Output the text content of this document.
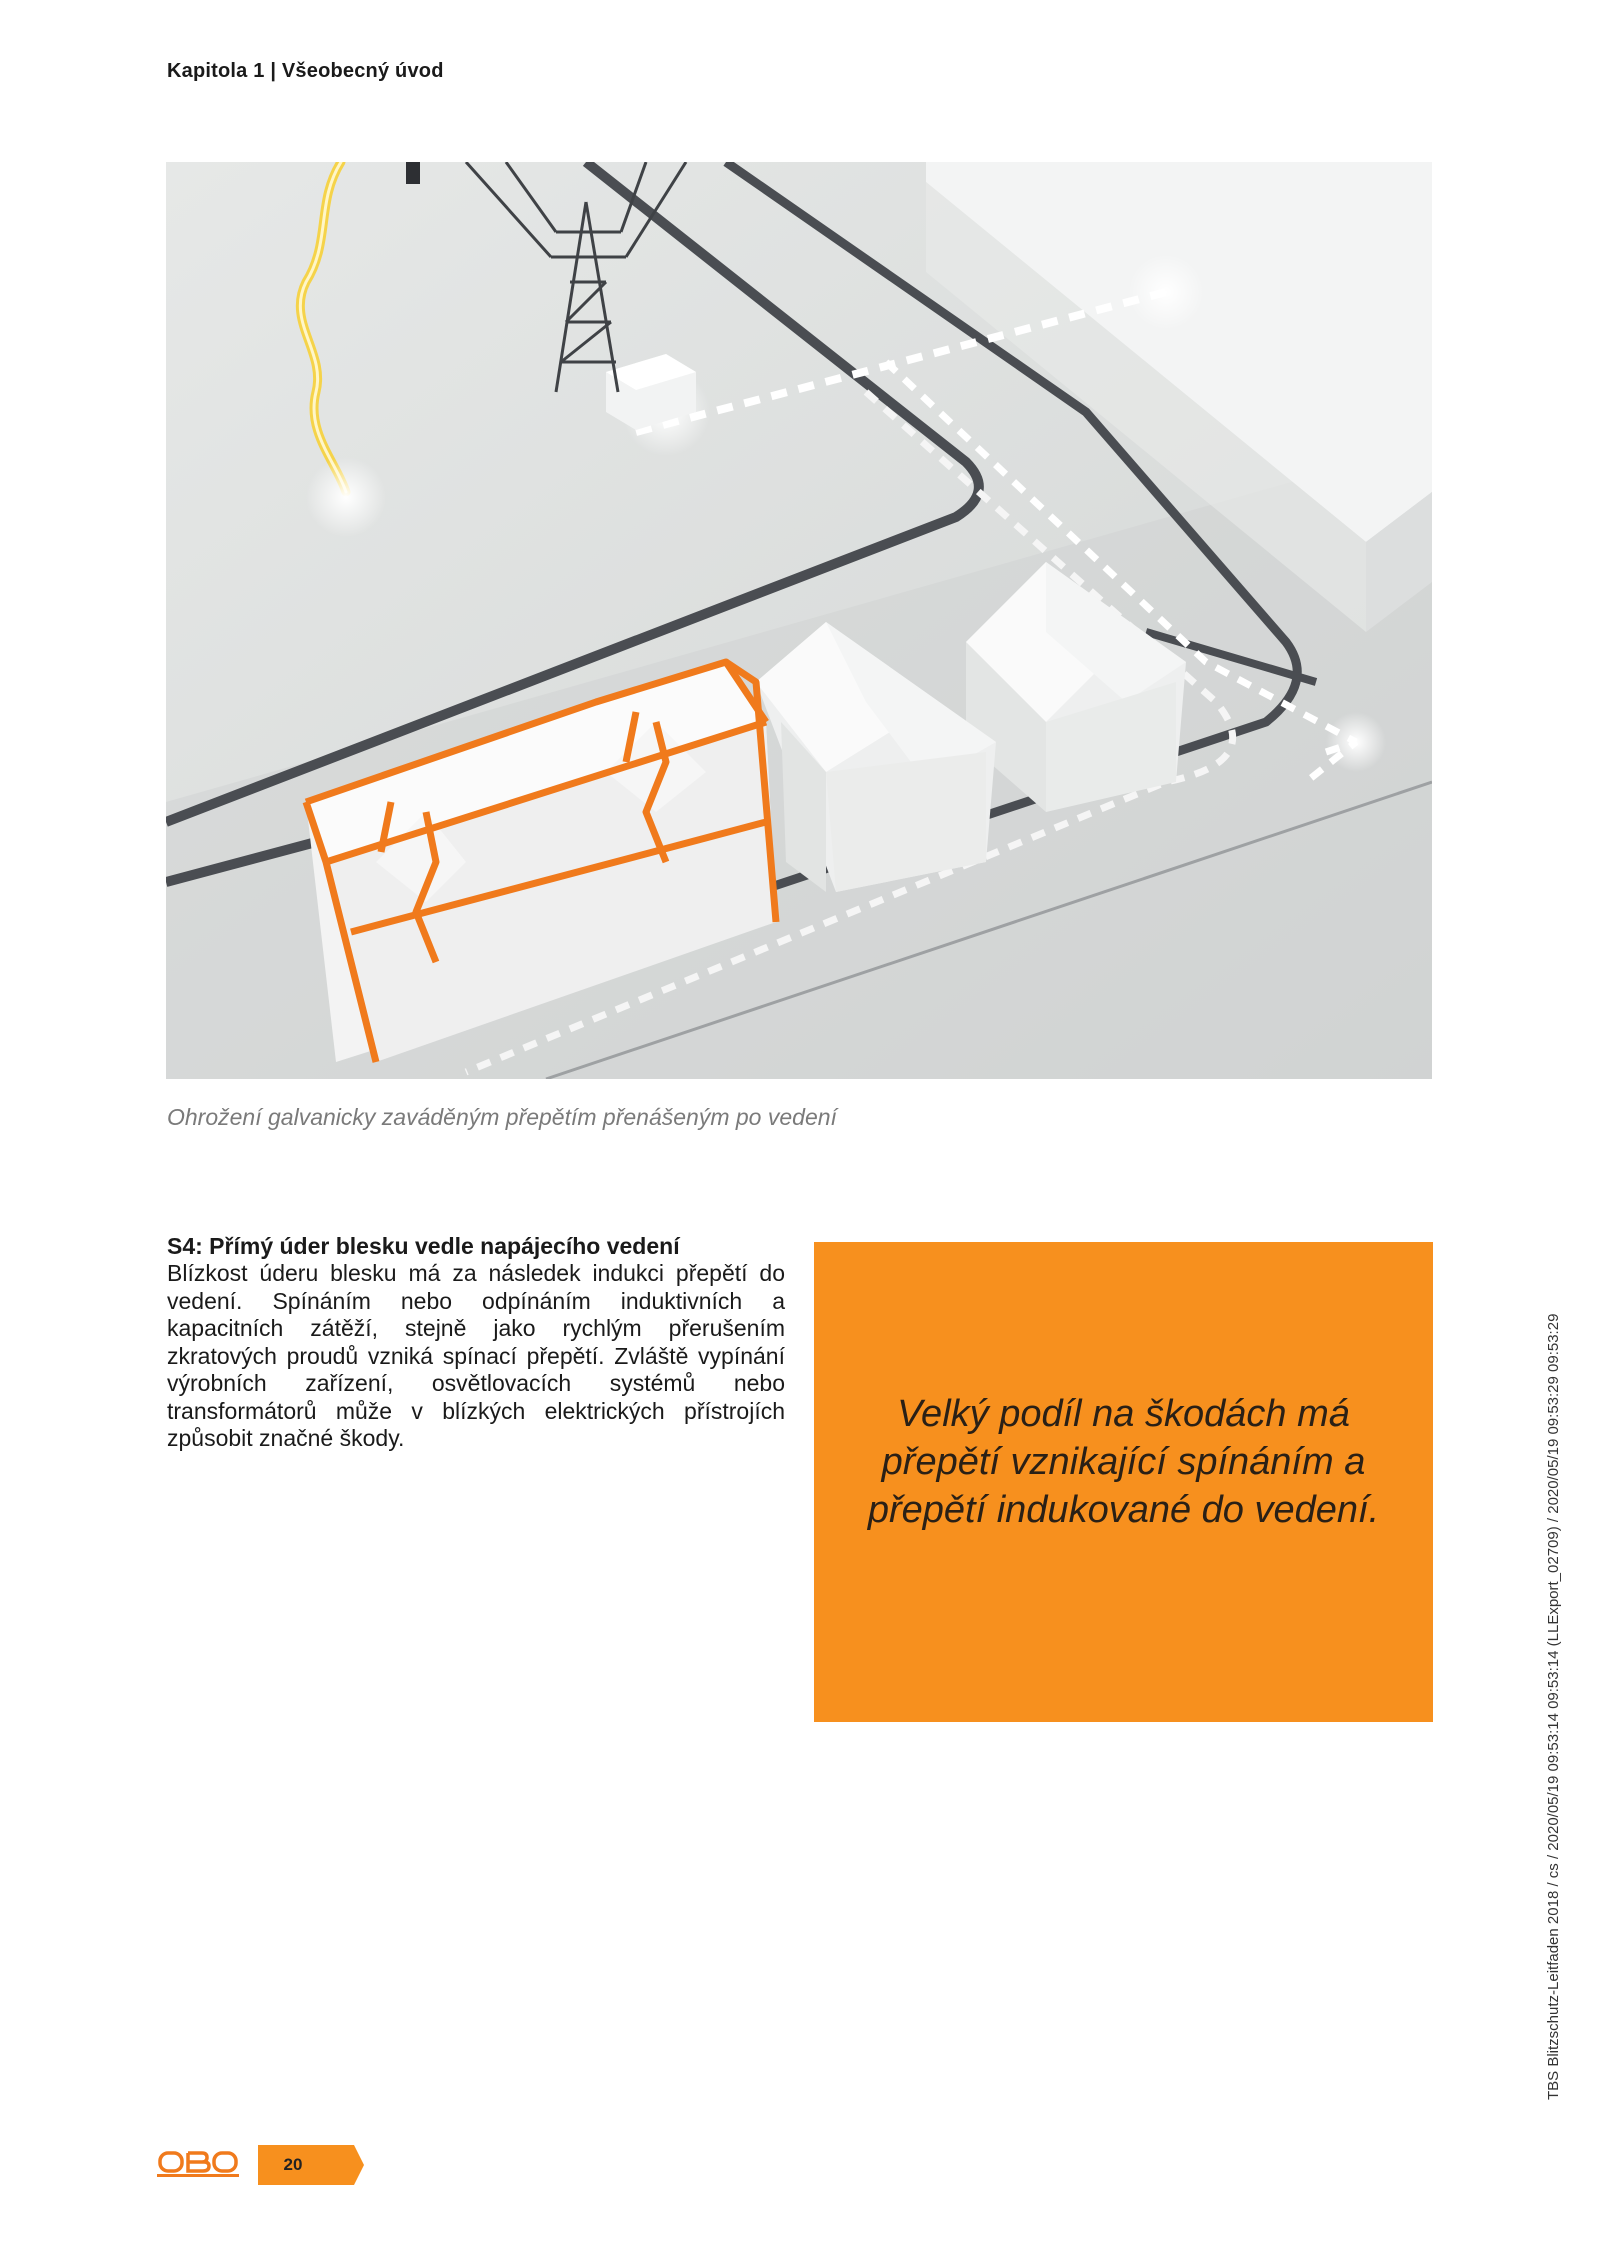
Kapitola 1 | Všeobecný úvod
Ohrožení galvanicky zaváděným přepětím přenášeným po vedení
S4: Přímý úder blesku vedle napájecího vedení
Blízkost úderu blesku má za následek indukci přepětí do vedení. Spínáním nebo odpínáním induktivních a kapacitních zátěží, stejně jako rychlým přerušením zkratových proudů vzniká spínací přepětí. Zvláště vypínání výrobních zařízení, osvětlovacích systémů nebo transformátorů může v blízkých elektrických přístrojích způsobit značné škody.
Velký podíl na škodách má přepětí vznikající spínáním a přepětí indukované do vedení.	TBS Blitzschutz-Leitfaden 2018 / cs / 2020/05/19 09:53:14 09:53:14 (LLExport_02709) / 2020/05/19 09:53:29 09:53:29
20
